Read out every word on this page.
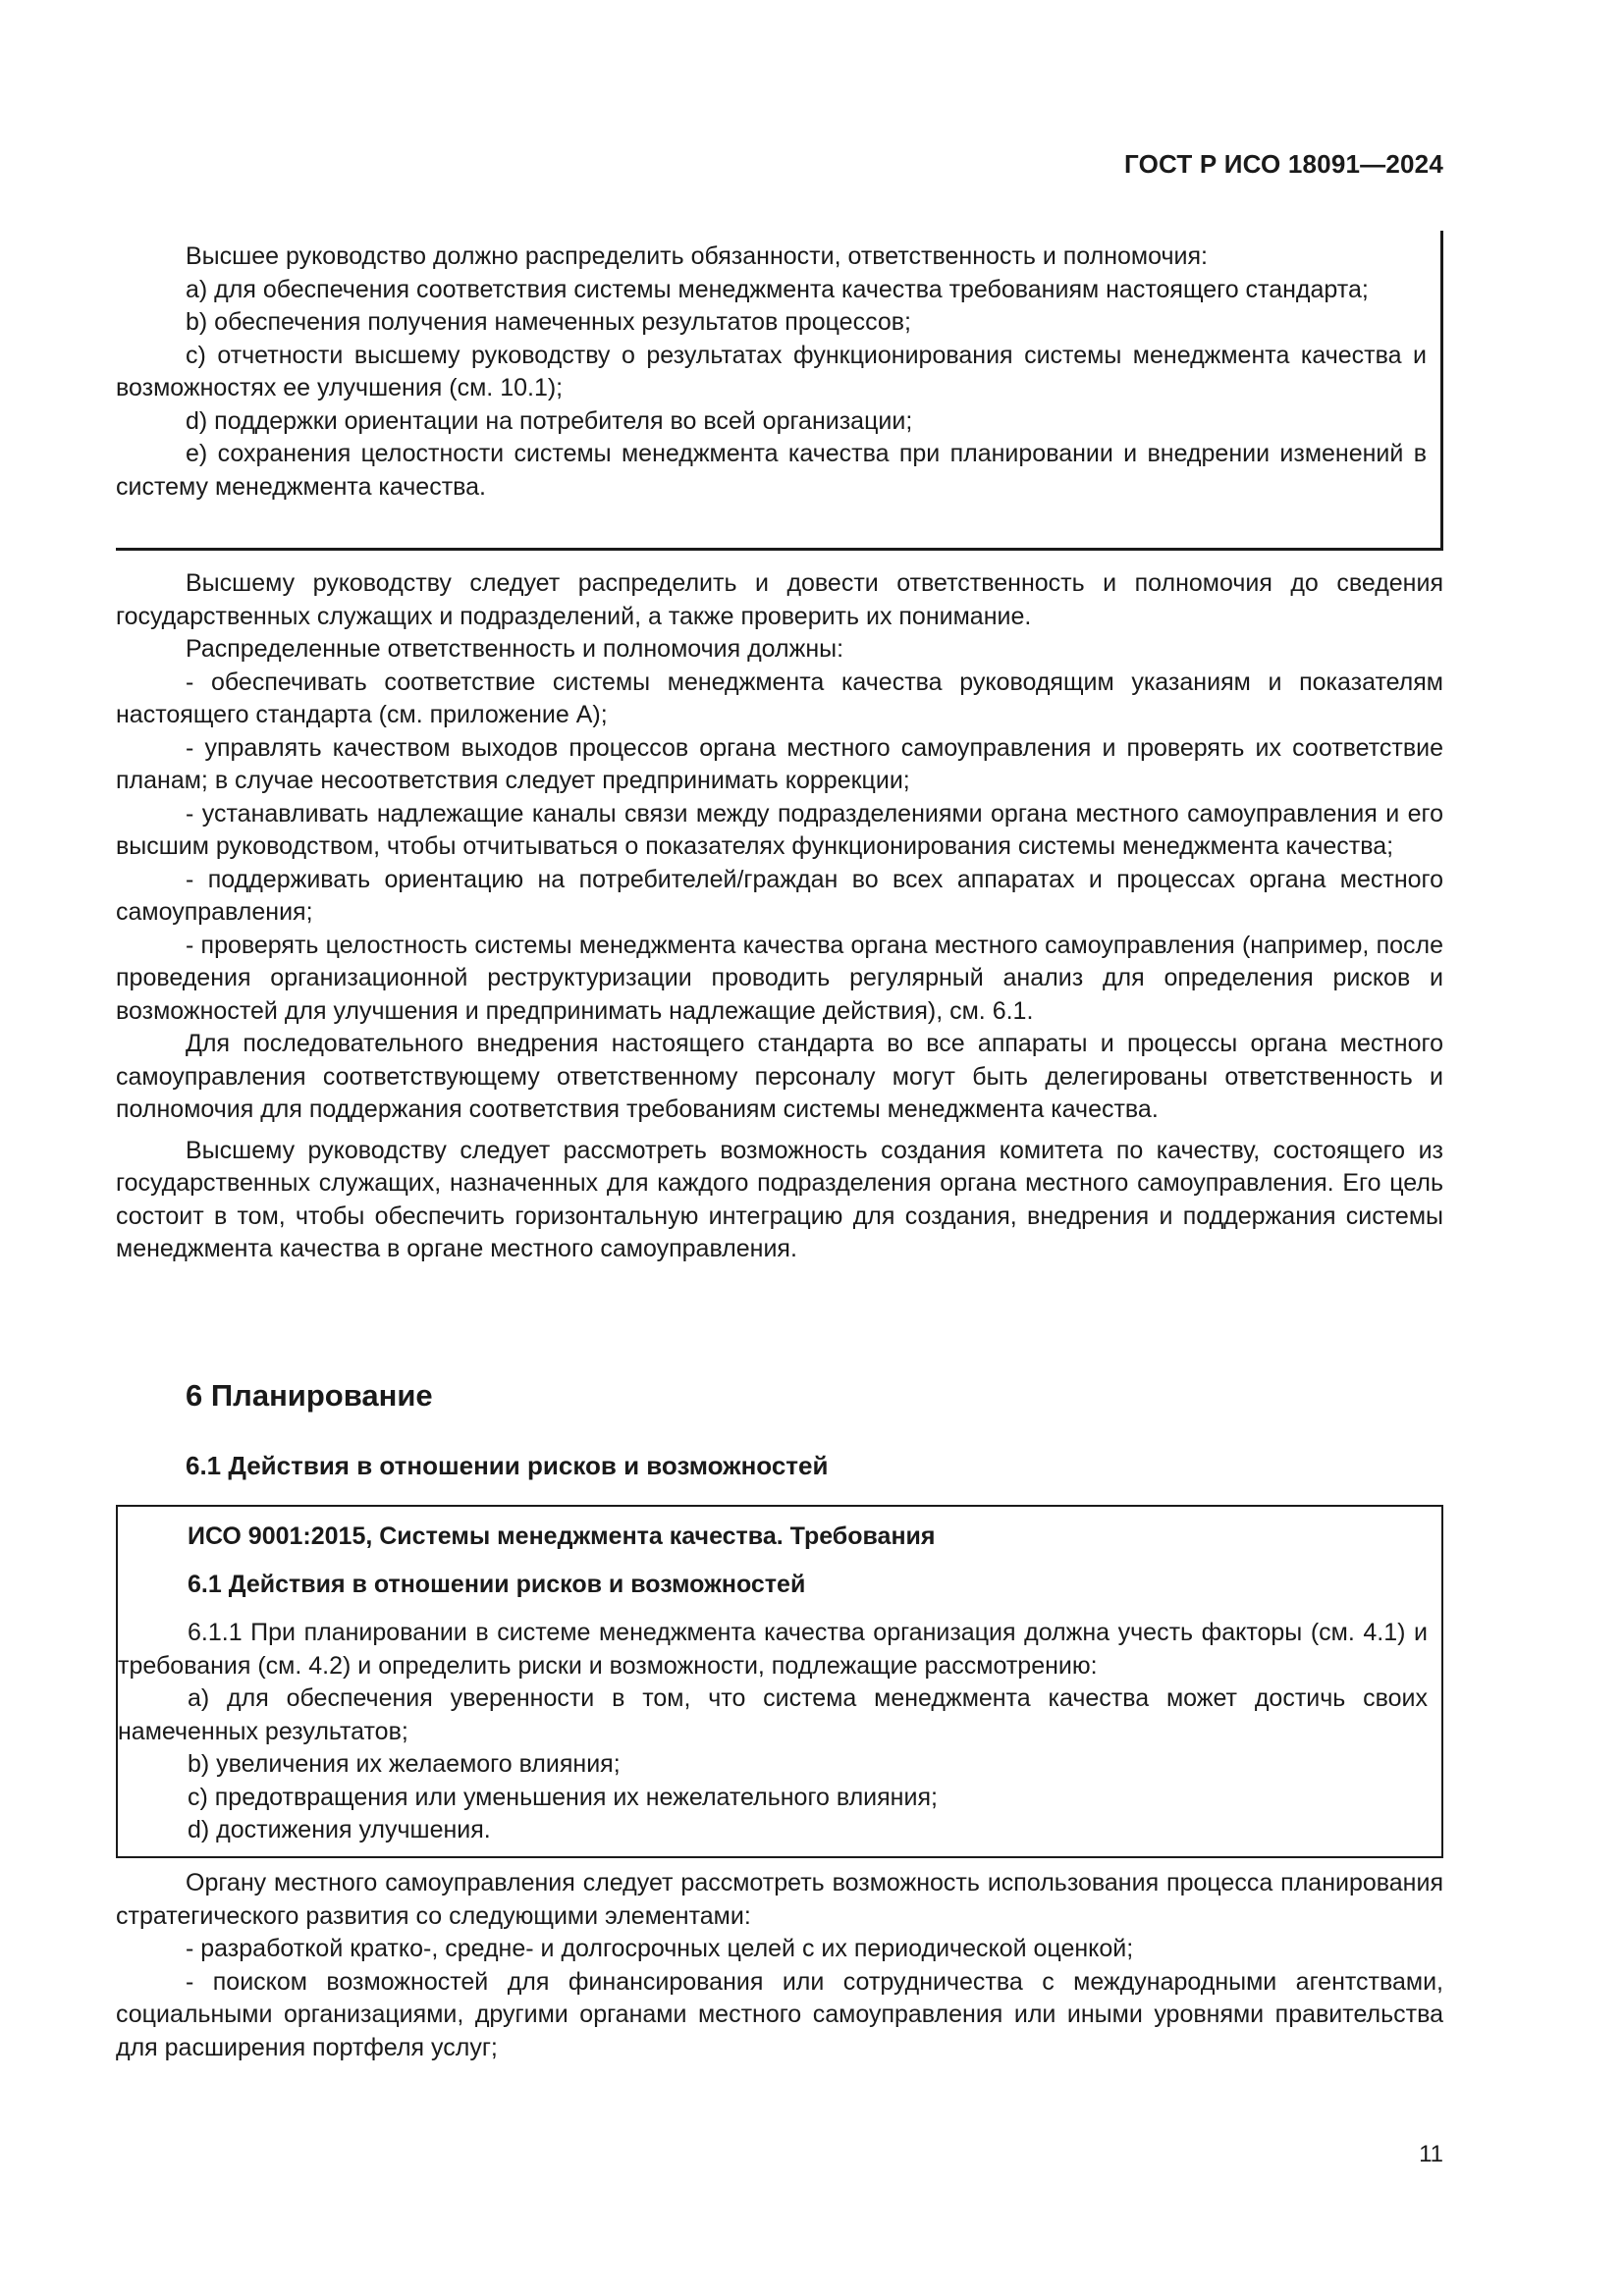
ГОСТ Р ИСО 18091—2024

Высшее руководство должно распределить обязанности, ответственность и полномочия:

а) для обеспечения соответствия системы менеджмента качества требованиям настоящего стандарта;

b) обеспечения получения намеченных результатов процессов;

с) отчетности высшему руководству о результатах функционирования системы менеджмента качества и возможностях ее улучшения (см. 10.1);

d) поддержки ориентации на потребителя во всей организации;

e) сохранения целостности системы менеджмента качества при планировании и внедрении изменений в систему менеджмента качества.

Высшему руководству следует распределить и довести ответственность и полномочия до сведения государственных служащих и подразделений, а также проверить их понимание.

Распределенные ответственность и полномочия должны:

- обеспечивать соответствие системы менеджмента качества руководящим указаниям и показателям настоящего стандарта (см. приложение А);

- управлять качеством выходов процессов органа местного самоуправления и проверять их соответствие планам; в случае несоответствия следует предпринимать коррекции;

- устанавливать надлежащие каналы связи между подразделениями органа местного самоуправления и его высшим руководством, чтобы отчитываться о показателях функционирования системы менеджмента качества;

- поддерживать ориентацию на потребителей/граждан во всех аппаратах и процессах органа местного самоуправления;

- проверять целостность системы менеджмента качества органа местного самоуправления (например, после проведения организационной реструктуризации проводить регулярный анализ для определения рисков и возможностей для улучшения и предпринимать надлежащие действия), см. 6.1.

Для последовательного внедрения настоящего стандарта во все аппараты и процессы органа местного самоуправления соответствующему ответственному персоналу могут быть делегированы ответственность и полномочия для поддержания соответствия требованиям системы менеджмента качества.

Высшему руководству следует рассмотреть возможность создания комитета по качеству, состоящего из государственных служащих, назначенных для каждого подразделения органа местного самоуправления. Его цель состоит в том, чтобы обеспечить горизонтальную интеграцию для создания, внедрения и поддержания системы менеджмента качества в органе местного самоуправления.

6 Планирование
6.1 Действия в отношении рисков и возможностей
ИСО 9001:2015, Системы менеджмента качества. Требования
6.1 Действия в отношении рисков и возможностей

6.1.1 При планировании в системе менеджмента качества организация должна учесть факторы (см. 4.1) и требования (см. 4.2) и определить риски и возможности, подлежащие рассмотрению:

а) для обеспечения уверенности в том, что система менеджмента качества может достичь своих намеченных результатов;

b) увеличения их желаемого влияния;

с) предотвращения или уменьшения их нежелательного влияния;

d) достижения улучшения.

Органу местного самоуправления следует рассмотреть возможность использования процесса планирования стратегического развития со следующими элементами:

- разработкой кратко-, средне- и долгосрочных целей с их периодической оценкой;

- поиском возможностей для финансирования или сотрудничества с международными агентствами, социальными организациями, другими органами местного самоуправления или иными уровнями правительства для расширения портфеля услуг;

11
